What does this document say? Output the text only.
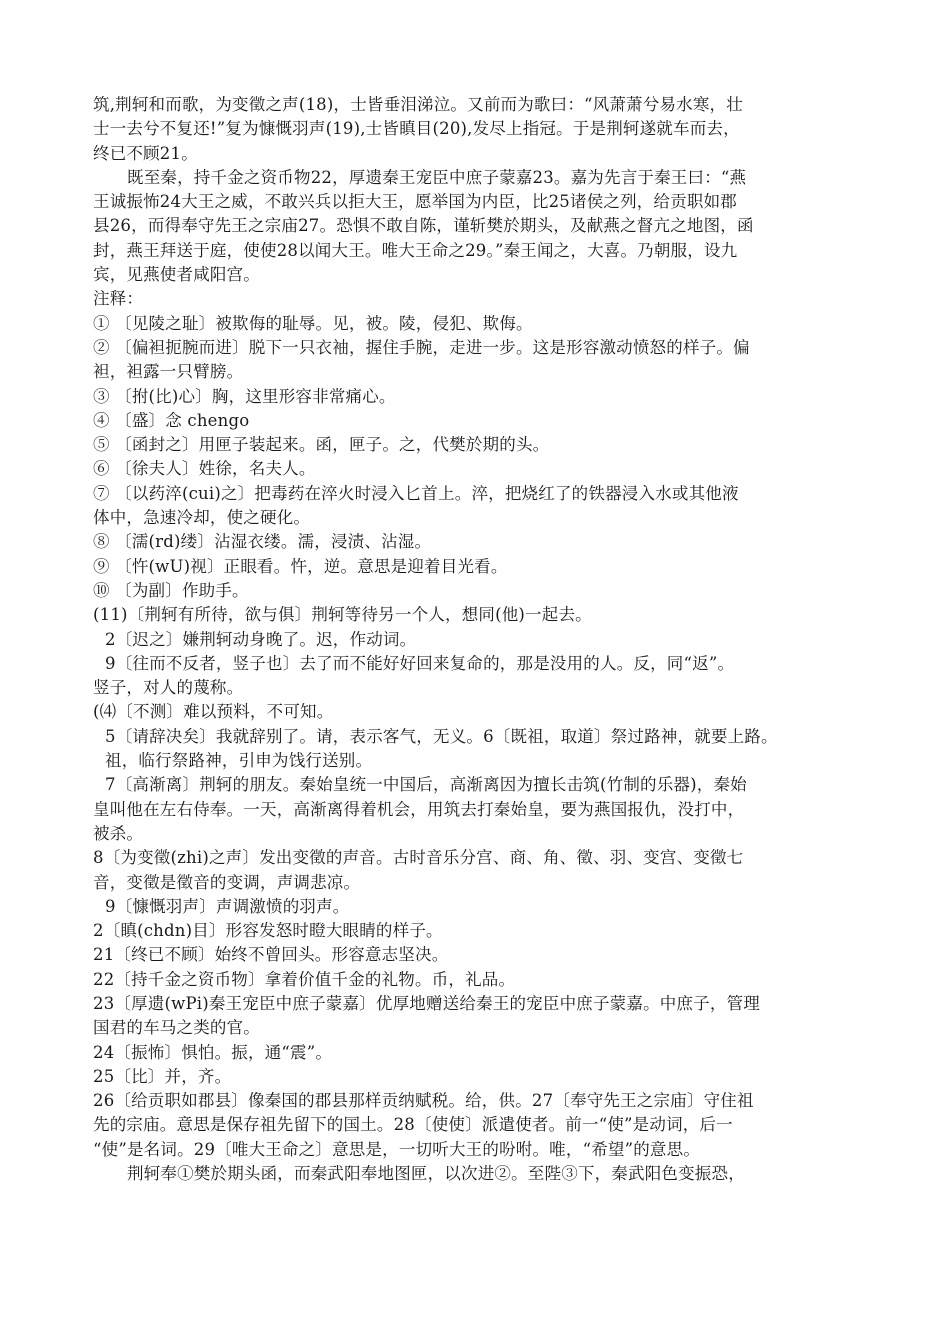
筑,荆轲和而歌，为变徵之声(18)，士皆垂泪涕泣。又前而为歌曰：“风萧萧兮易水寒，壮
士一去兮不复还!”复为慷慨羽声(19),士皆瞋目(20),发尽上指冠。于是荆轲遂就车而去，
终已不顾21。
既至秦，持千金之资币物22，厚遗秦王宠臣中庶子蒙嘉23。嘉为先言于秦王曰：“燕
王诚振怖24大王之威，不敢兴兵以拒大王，愿举国为内臣，比25诸侯之列，给贡职如郡
县26，而得奉守先王之宗庙27。恐惧不敢自陈，谨斩樊於期头，及献燕之督亢之地图，函
封，燕王拜送于庭，使使28以闻大王。唯大王命之29。”秦王闻之，大喜。乃朝服，设九
宾，见燕使者咸阳宫。
注释：
① 〔见陵之耻〕被欺侮的耻辱。见，被。陵，侵犯、欺侮。
② 〔偏袒扼腕而进〕脱下一只衣袖，握住手腕，走进一步。这是形容激动愤怒的样子。偏
袒，袒露一只臂膀。
③ 〔拊(比)心〕胸，这里形容非常痛心。
④ 〔盛〕念 chengo
⑤ 〔函封之〕用匣子装起来。函，匣子。之，代樊於期的头。
⑥ 〔徐夫人〕姓徐，名夫人。
⑦ 〔以药淬(cui)之〕把毒药在淬火时浸入匕首上。淬，把烧红了的铁器浸入水或其他液
体中，急速冷却，使之硬化。
⑧ 〔濡(rd)缕〕沾湿衣缕。濡，浸渍、沾湿。
⑨ 〔忤(wU)视〕正眼看。忤，逆。意思是迎着目光看。
⑩ 〔为副〕作助手。
(11)〔荆轲有所待，欲与俱〕荆轲等待另一个人，想同(他)一起去。
2〔迟之〕嫌荆轲动身晚了。迟，作动词。
9〔往而不反者，竖子也〕去了而不能好好回来复命的，那是没用的人。反，同“返”。
竖子，对人的蔑称。
(⑷〔不测〕难以预料，不可知。
5〔请辞决矣〕我就辞别了。请，表示客气，无义。6〔既祖，取道〕祭过路神，就要上路。
祖，临行祭路神，引申为饯行送别。
7〔高渐离〕荆轲的朋友。秦始皇统一中国后，高渐离因为擅长击筑(竹制的乐器)，秦始
皇叫他在左右侍奉。一天，高渐离得着机会，用筑去打秦始皇，要为燕国报仇，没打中，
被杀。
8〔为变徵(zhi)之声〕发出变徵的声音。古时音乐分宫、商、角、徵、羽、变宫、变徵七
音，变徵是徵音的变调，声调悲凉。
9〔慷慨羽声〕声调激愤的羽声。
2〔瞋(chdn)目〕形容发怒时瞪大眼睛的样子。
21〔终已不顾〕始终不曾回头。形容意志坚决。
22〔持千金之资币物〕拿着价值千金的礼物。币，礼品。
23〔厚遗(wPi)秦王宠臣中庶子蒙嘉〕优厚地赠送给秦王的宠臣中庶子蒙嘉。中庶子，管理
国君的车马之类的官。
24〔振怖〕惧怕。振，通“震”。
25〔比〕并，齐。
26〔给贡职如郡县〕像秦国的郡县那样贡纳赋税。给，供。27〔奉守先王之宗庙〕守住祖
先的宗庙。意思是保存祖先留下的国土。28〔使使〕派遣使者。前一“使”是动词，后一
“使”是名词。29〔唯大王命之〕意思是，一切听大王的吩咐。唯，“希望”的意思。
荆轲奉①樊於期头函，而秦武阳奉地图匣，以次进②。至陛③下，秦武阳色变振恐，
